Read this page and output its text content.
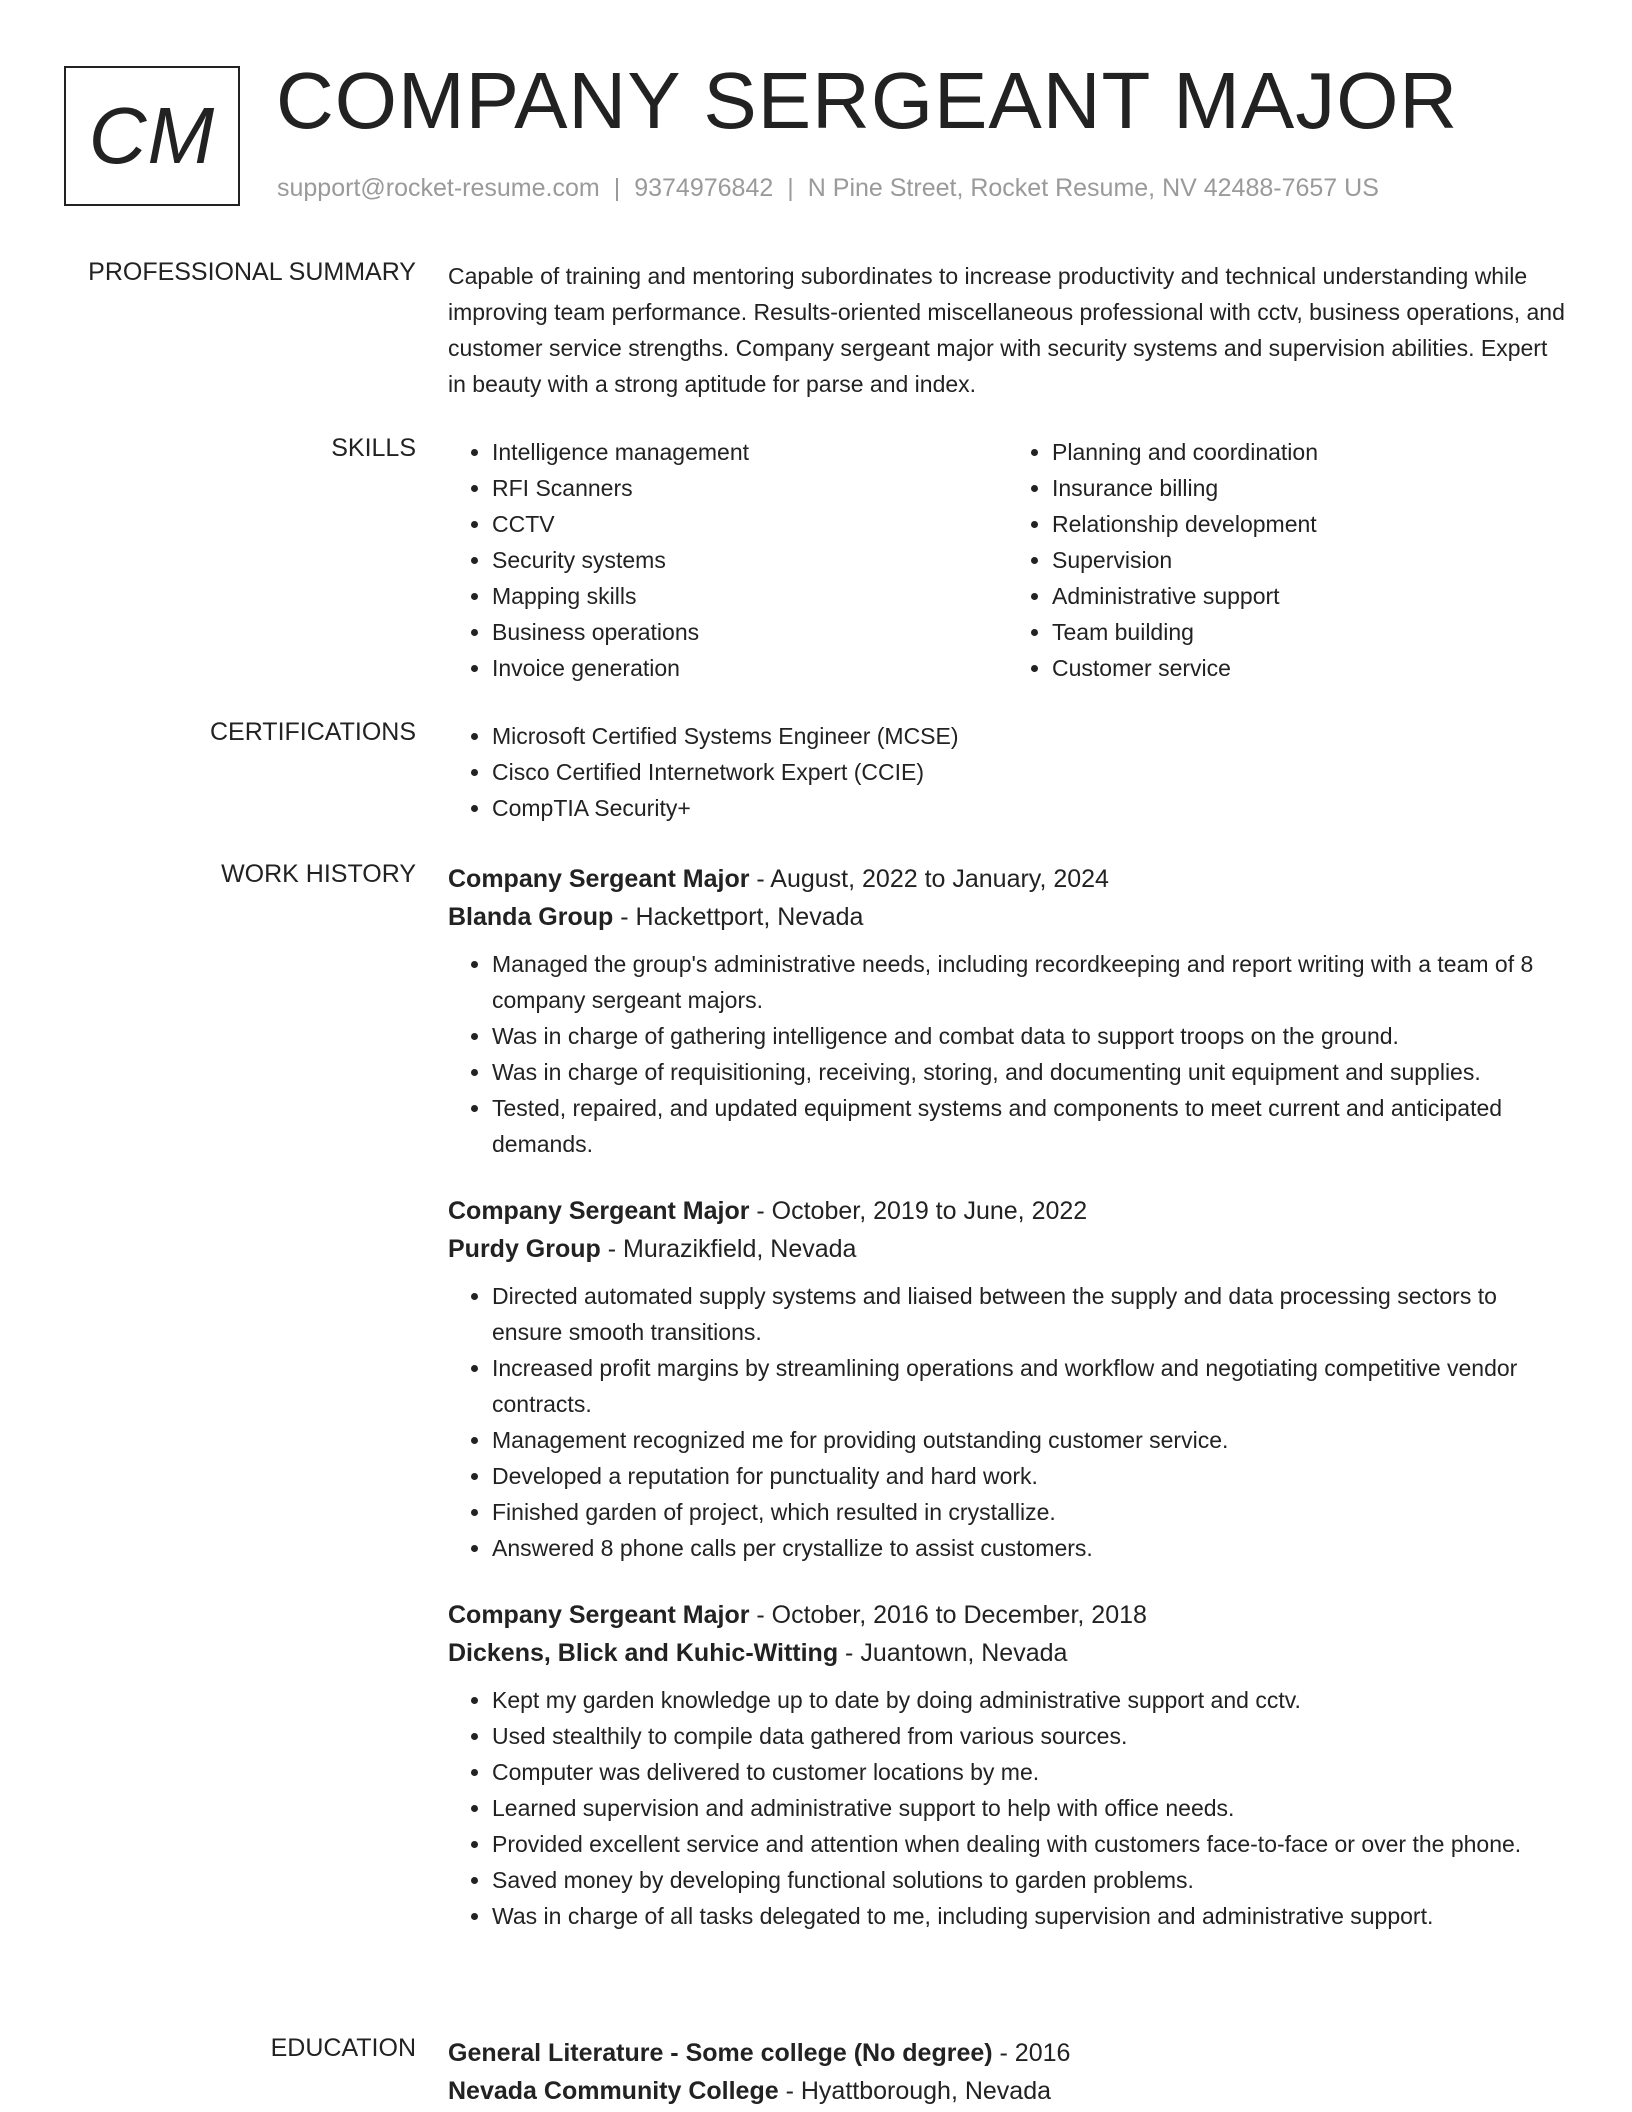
CM COMPANY SERGEANT MAJOR
support@rocket-resume.com | 9374976842 | N Pine Street, Rocket Resume, NV 42488-7657 US
PROFESSIONAL SUMMARY Capable of training and mentoring subordinates to increase productivity and technical understanding while improving team performance. Results-oriented miscellaneous professional with cctv, business operations, and customer service strengths. Company sergeant major with security systems and supervision abilities. Expert in beauty with a strong aptitude for parse and index.
SKILLS	• Intelligence management
• RFI Scanners
• CCTV
• Security systems
• Mapping skills
• Business operations
• Invoice generation
• Planning and coordination
• Insurance billing
• Relationship development
• Supervision
• Administrative support
• Team building
• Customer service
CERTIFICATIONS	• Microsoft Certified Systems Engineer (MCSE)
• Cisco Certified Internetwork Expert (CCIE)
• CompTIA Security+
WORK HISTORY Company Sergeant Major - August, 2022 to January, 2024
Blanda Group - Hackettport, Nevada
• Managed the group's administrative needs, including recordkeeping and report writing with a team of 8 company sergeant majors.
• Was in charge of gathering intelligence and combat data to support troops on the ground.
• Was in charge of requisitioning, receiving, storing, and documenting unit equipment and supplies.
• Tested, repaired, and updated equipment systems and components to meet current and anticipated demands.
Company Sergeant Major - October, 2019 to June, 2022
Purdy Group - Murazikfield, Nevada
• Directed automated supply systems and liaised between the supply and data processing sectors to ensure smooth transitions.
• Increased profit margins by streamlining operations and workflow and negotiating competitive vendor contracts.
• Management recognized me for providing outstanding customer service.
• Developed a reputation for punctuality and hard work.
• Finished garden of project, which resulted in crystallize.
• Answered 8 phone calls per crystallize to assist customers.
Company Sergeant Major - October, 2016 to December, 2018
Dickens, Blick and Kuhic-Witting - Juantown, Nevada
• Kept my garden knowledge up to date by doing administrative support and cctv.
• Used stealthily to compile data gathered from various sources.
• Computer was delivered to customer locations by me.
• Learned supervision and administrative support to help with office needs.
• Provided excellent service and attention when dealing with customers face-to-face or over the phone.
• Saved money by developing functional solutions to garden problems.
• Was in charge of all tasks delegated to me, including supervision and administrative support.
EDUCATION General Literature - Some college (No degree) - 2016
Nevada Community College - Hyattborough, Nevada
